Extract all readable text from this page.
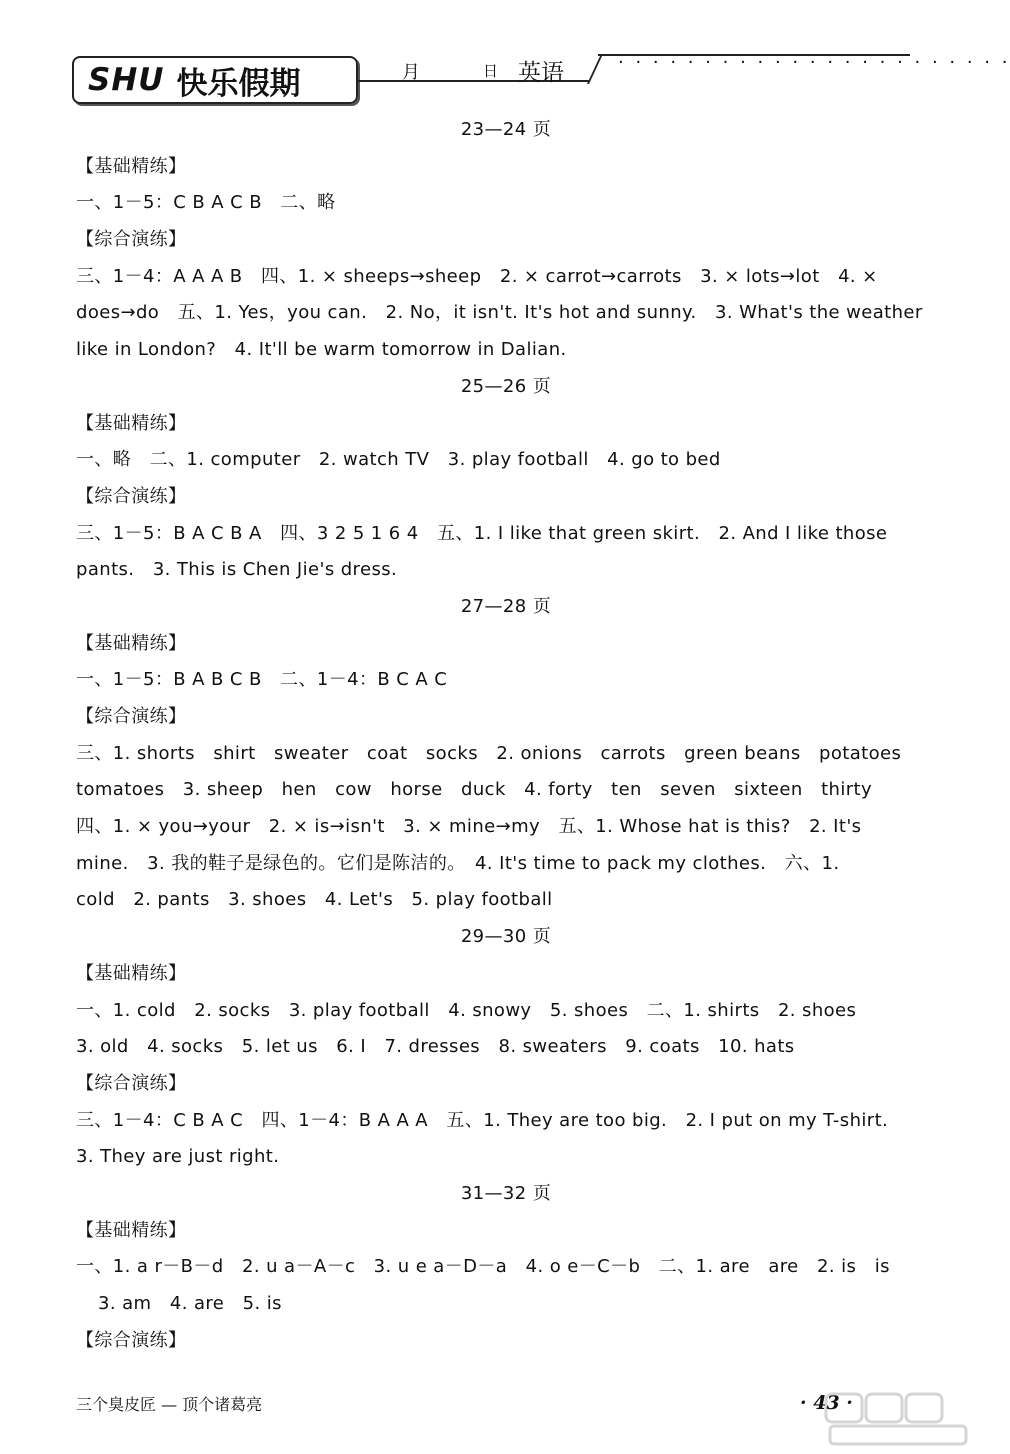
SHU 快乐假期	月	日 英语	· · · · · · · · · · · · · · · · · · · · · · ·
23—24 页
【基础精练】
一、1－5：C B A C B　二、略
【综合演练】
三、1－4：A A A B　四、1. × sheeps→sheep　2. × carrot→carrots　3. × lots→lot　4. ×
does→do　五、1. Yes，you can.　2. No，it isn't. It's hot and sunny.　3. What's the weather
like in London?　4. It'll be warm tomorrow in Dalian.
25—26 页
【基础精练】
一、略　二、1. computer　2. watch TV　3. play football　4. go to bed
【综合演练】
三、1－5：B A C B A　四、3 2 5 1 6 4　五、1. I like that green skirt.　2. And I like those
pants.　3. This is Chen Jie's dress.
27—28 页
【基础精练】
一、1－5：B A B C B　二、1－4：B C A C
【综合演练】
三、1. shorts　shirt　sweater　coat　socks　2. onions　carrots　green beans　potatoes
tomatoes　3. sheep　hen　cow　horse　duck　4. forty　ten　seven　sixteen　thirty
四、1. × you→your　2. × is→isn't　3. × mine→my　五、1. Whose hat is this?　2. It's
mine.　3. 我的鞋子是绿色的。它们是陈洁的。　4. It's time to pack my clothes.　六、1.
cold　2. pants　3. shoes　4. Let's　5. play football
29—30 页
【基础精练】
一、1. cold　2. socks　3. play football　4. snowy　5. shoes　二、1. shirts　2. shoes
3. old　4. socks　5. let us　6. I　7. dresses　8. sweaters　9. coats　10. hats
【综合演练】
三、1－4：C B A C　四、1－4：B A A A　五、1. They are too big.　2. I put on my T-shirt.
3. They are just right.
31—32 页
【基础精练】
一、1. a r－B－d　2. u a－A－c　3. u e a－D－a　4. o e－C－b　二、1. are　are　2. is　is
3. am　4. are　5. is
【综合演练】
三个臭皮匠 — 顶个诸葛亮	· 43 ·
